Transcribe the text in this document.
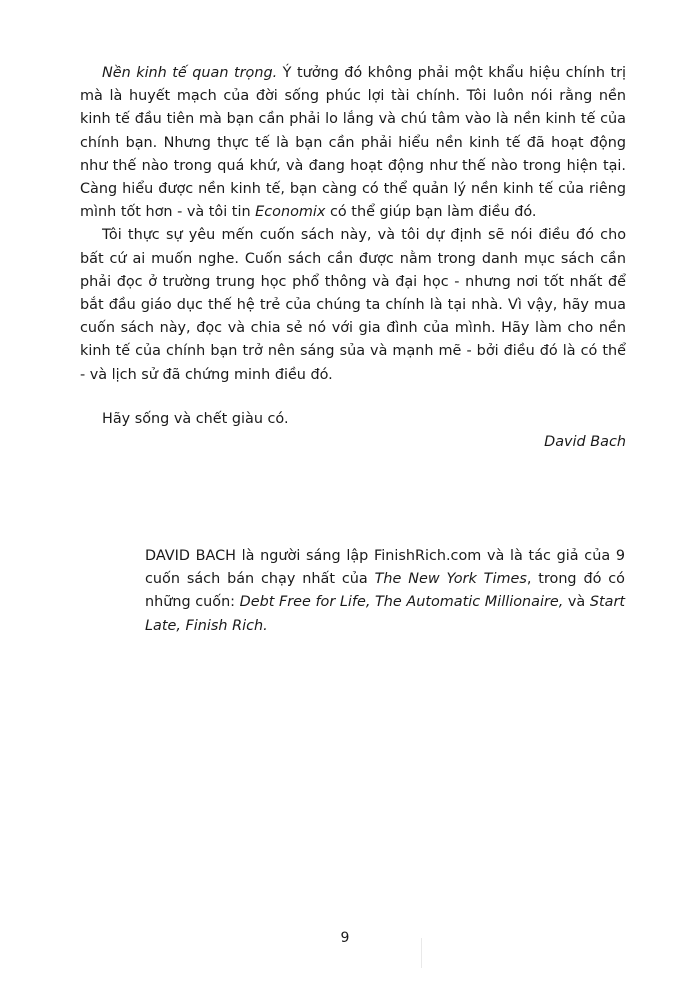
Nền kinh tế quan trọng. Ý tưởng đó không phải một khẩu hiệu chính trị mà là huyết mạch của đời sống phúc lợi tài chính. Tôi luôn nói rằng nền kinh tế đầu tiên mà bạn cần phải lo lắng và chú tâm vào là nền kinh tế của chính bạn. Nhưng thực tế là bạn cần phải hiểu nền kinh tế đã hoạt động như thế nào trong quá khứ, và đang hoạt động như thế nào trong hiện tại. Càng hiểu được nền kinh tế, bạn càng có thể quản lý nền kinh tế của riêng mình tốt hơn - và tôi tin Economix có thể giúp bạn làm điều đó.

Tôi thực sự yêu mến cuốn sách này, và tôi dự định sẽ nói điều đó cho bất cứ ai muốn nghe. Cuốn sách cần được nằm trong danh mục sách cần phải đọc ở trường trung học phổ thông và đại học - nhưng nơi tốt nhất để bắt đầu giáo dục thế hệ trẻ của chúng ta chính là tại nhà. Vì vậy, hãy mua cuốn sách này, đọc và chia sẻ nó với gia đình của mình. Hãy làm cho nền kinh tế của chính bạn trở nên sáng sủa và mạnh mẽ - bởi điều đó là có thể - và lịch sử đã chứng minh điều đó.

Hãy sống và chết giàu có.

David Bach

DAVID BACH là người sáng lập FinishRich.com và là tác giả của 9 cuốn sách bán chạy nhất của The New York Times, trong đó có những cuốn: Debt Free for Life, The Automatic Millionaire, và Start Late, Finish Rich.

9
